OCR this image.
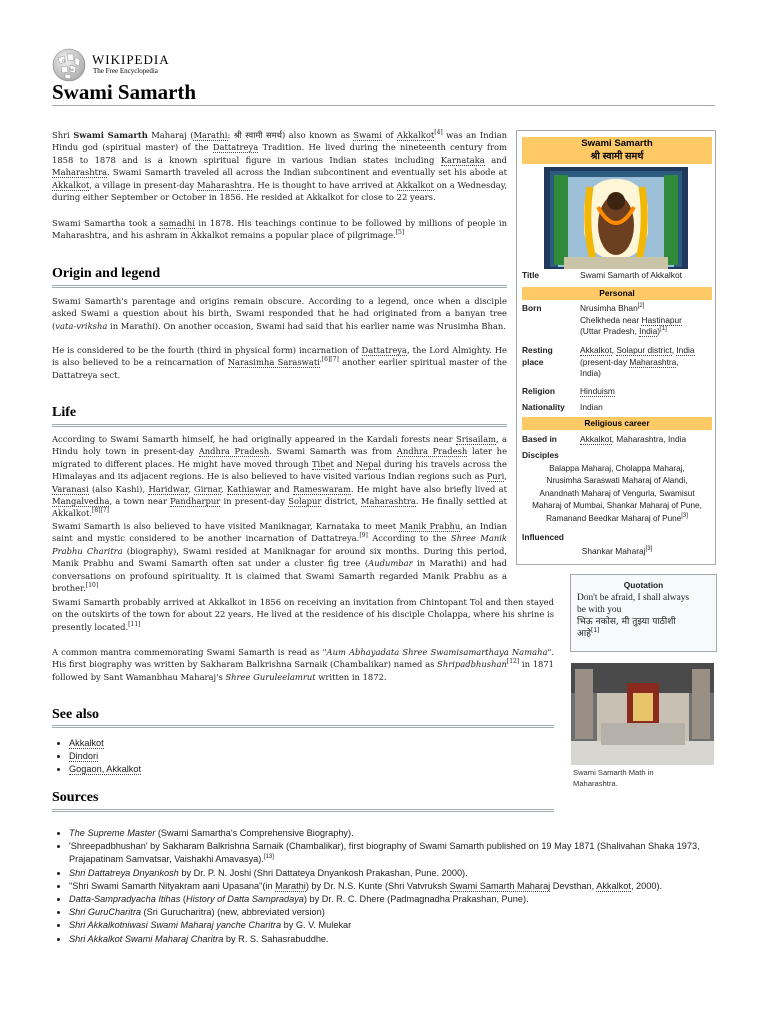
Ω
W
WIKIPEDIA
The Free Encyclopedia
Swami Samarth

Shri Swami Samarth Maharaj (Marathi: श्री स्वामी समर्थ) also known as Swami of Akkalkot[4] was an Indian Hindu god (spiritual master) of the Dattatreya Tradition. He lived during the nineteenth century from 1858 to 1878 and is a known spiritual figure in various Indian states including Karnataka and Maharashtra. Swami Samarth traveled all across the Indian subcontinent and eventually set his abode at Akkalkot, a village in present-day Maharashtra. He is thought to have arrived at Akkalkot on a Wednesday, during either September or October in 1856. He resided at Akkalkot for close to 22 years.

Swami Samartha took a samadhi in 1878. His teachings continue to be followed by millions of people in Maharashtra, and his ashram in Akkalkot remains a popular place of pilgrimage.[5]

Origin and legend

Swami Samarth's parentage and origins remain obscure. According to a legend, once when a disciple asked Swami a question about his birth, Swami responded that he had originated from a banyan tree (vata-vriksha in Marathi). On another occasion, Swami had said that his earlier name was Nrusimha Bhan.

He is considered to be the fourth (third in physical form) incarnation of Dattatreya, the Lord Almighty. He is also believed to be a reincarnation of Narasimha Saraswati$^{,[6][7]}$ another earlier spiritual master of the Dattatreya sect.

Life

According to Swami Samarth himself, he had originally appeared in the Kardali forests near Srisailam, a Hindu holy town in present-day Andhra Pradesh. Swami Samarth was from Andhra Pradesh later he migrated to different places. He might have moved through Tibet and Nepal during his travels across the Himalayas and its adjacent regions. He is also believed to have visited various Indian regions such as Puri, Varanasi (also Kashi), Haridwar, Girnar, Kathiawar and Rameswaram. He might have also briefly lived at Mangalvedha, a town near Pandharpur in present-day Solapur district, Maharashtra. He finally settled at Akkalkot.[8][7]

Swami Samarth is also believed to have visited Maniknagar, Karnataka to meet Manik Prabhu, an Indian saint and mystic considered to be another incarnation of Dattatreya.[9] According to the Shree Manik Prabhu Charitra (biography), Swami resided at Maniknagar for around six months. During this period, Manik Prabhu and Swami Samarth often sat under a cluster fig tree (Audumbar in Marathi) and had conversations on profound spirituality. It is claimed that Swami Samarth regarded Manik Prabhu as a brother.[10]

Swami Samarth probably arrived at Akkalkot in 1856 on receiving an invitation from Chintopant Tol and then stayed on the outskirts of the town for about 22 years. He lived at the residence of his disciple Cholappa, where his shrine is presently located.[11]

A common mantra commemorating Swami Samarth is read as "Aum Abhayadata Shree Swamisamarthaya Namaha". His first biography was written by Sakharam Balkrishna Sarnaik (Chambalikar) named as Shripadbhushan[12] in 1871 followed by Sant Wamanbhau Maharaj's Shree Guruleelamrut written in 1872.

See also
• Akkalkot
• Dindori
• Gogaon, Akkalkot
Sources
• The Supreme Master (Swami Samartha's Comprehensive Biography).
• 'Shreepadbhushan' by Sakharam Balkrishna Sarnaik (Chambalikar), first biography of Swami Samarth published on 19 May 1871 (Shalivahan Shaka 1973, Prajapatinam Samvatsar, Vaishakhi Amavasya).[13]
• Shri Dattatreya Dnyankosh by Dr. P. N. Joshi (Shri Dattateya Dnyankosh Prakashan, Pune. 2000).
• "Shri Swami Samarth Nityakram aani Upasana"(in Marathi) by Dr. N.S. Kunte (Shri Vatvruksh Swami Samarth Maharaj Devsthan, Akkalkot, 2000).
• Datta-Sampradyacha Itihas (History of Datta Sampradaya) by Dr. R. C. Dhere (Padmagnadha Prakashan, Pune).
• Shri GuruCharitra (Sri Gurucharitra) (new, abbreviated version)
• Shri Akkalkotniwasi Swami Maharaj yanche Charitra by G. V. Mulekar
• Shri Akkalkot Swami Maharaj Charitra by R. S. Sahasrabuddhe.
Swami Samarth
श्री स्वामी समर्थ
Title	Swami Samarth of Akkalkot
Personal
Born	Nrusimha Bhan[2]
Chelkheda near Hastinapur
(Uttar Pradesh, India)[1]
Resting
place
Akkalkot, Solapur district, India
(present-day Maharashtra,
India)
Religion	Hinduism
Nationality	Indian
Religious career
Based in	Akkalkot, Maharashtra, India
Disciples
Balappa Maharaj, Cholappa Maharaj,
Nrusimha Saraswati Maharaj of Alandi,
Anandnath Maharaj of Vengurla, Swamisut
Maharaj of Mumbai, Shankar Maharaj of Pune,
Ramanand Beedkar Maharaj of Pune[3]
Influenced
Shankar Maharaj[3]
Quotation
Don't be afraid, I shall always
be with you
भिऊ नकोस, मी तुझ्या पाठीशी
आहे[1]
Swami Samarth Math in
Maharashtra.
